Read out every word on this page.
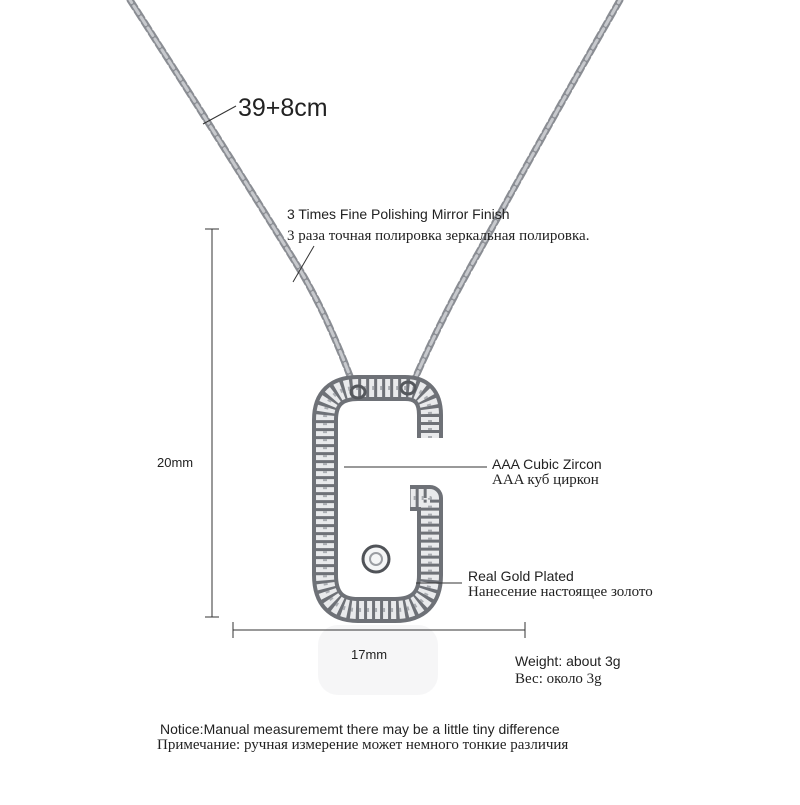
39+8cm
3 Times Fine Polishing Mirror Finish
3 раза точная полировка зеркальная полировка.
AAA Cubic Zircon
AAA куб циркон
Real Gold Plated
Нанесение настоящее золото
20mm
17mm	Weight: about 3g
Вес: около 3g
Notice:Manual measurememt there may be a little tiny difference
Примечание: ручная измерение может немного тонкие различия
